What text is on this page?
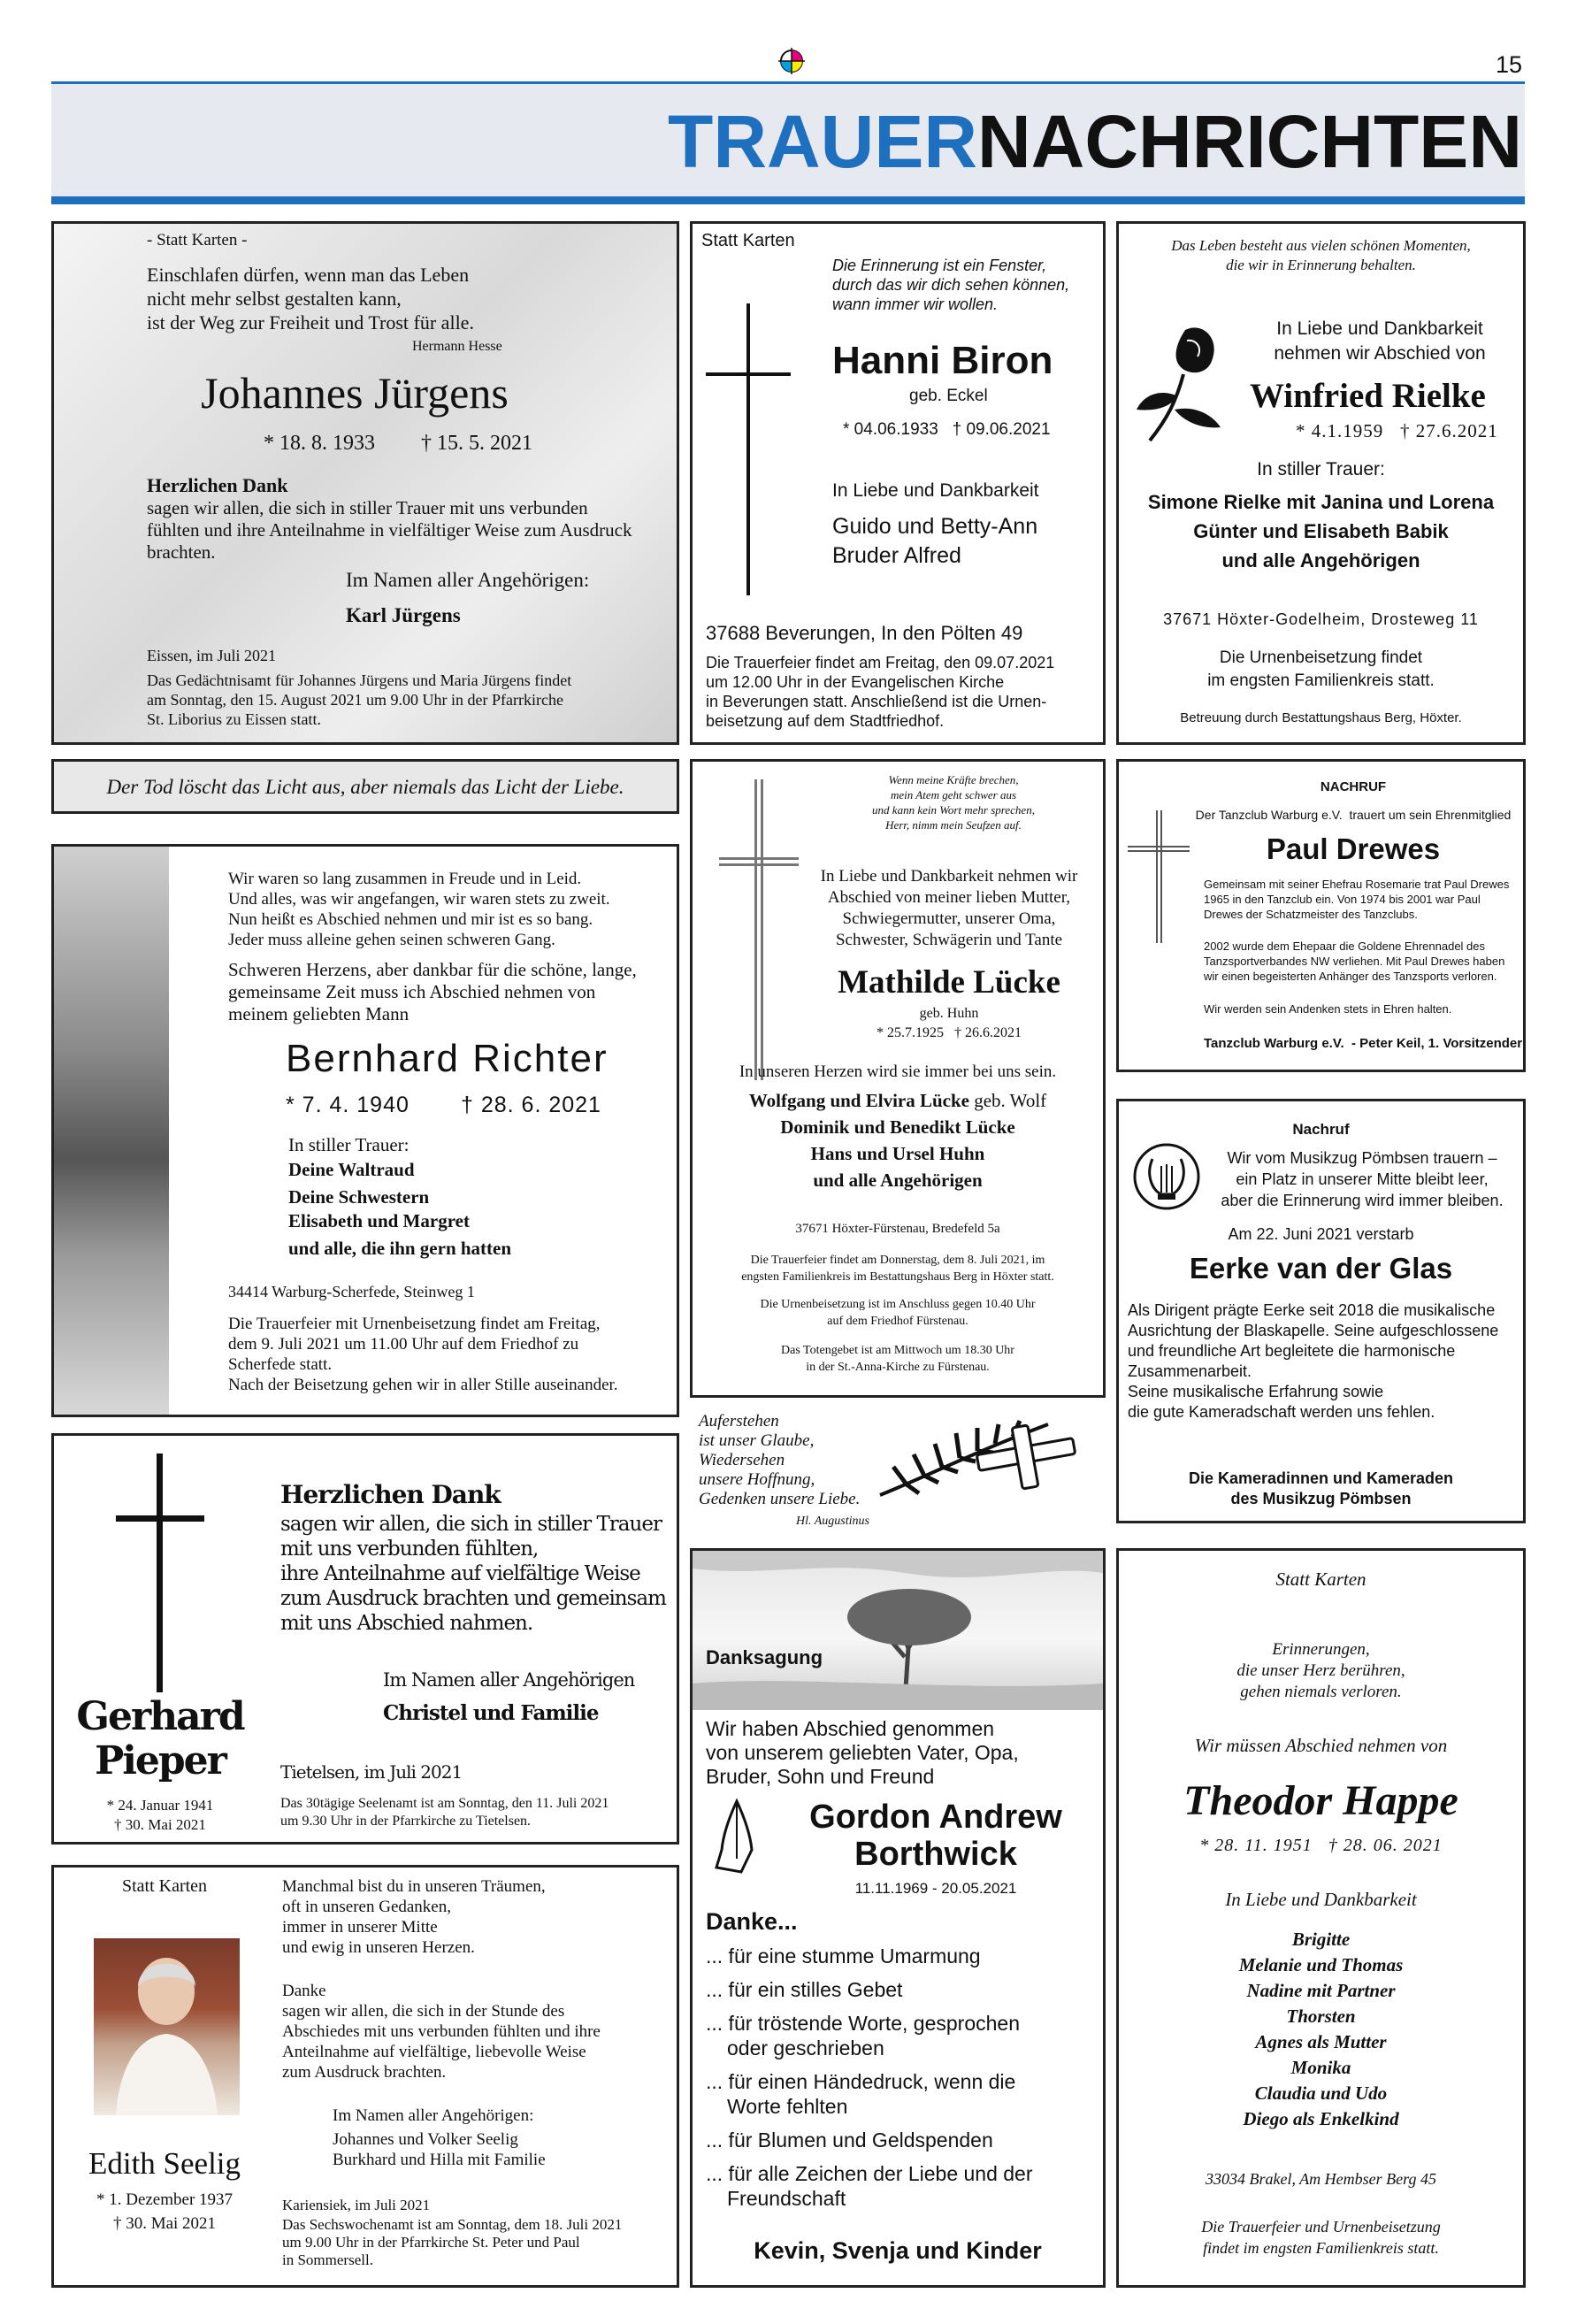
15
TRAUERNACHRICHTEN
- Statt Karten -
Einschlafen dürfen, wenn man das Leben
nicht mehr selbst gestalten kann,
ist der Weg zur Freiheit und Trost für alle.
Hermann Hesse
Johannes Jürgens
* 18. 8. 1933 † 15. 5. 2021
Herzlichen Dank
sagen wir allen, die sich in stiller Trauer mit uns verbunden
fühlten und ihre Anteilnahme in vielfältiger Weise zum Ausdruck
brachten.
Im Namen aller Angehörigen:
Karl Jürgens
Eissen, im Juli 2021
Das Gedächtnisamt für Johannes Jürgens und Maria Jürgens findet
am Sonntag, den 15. August 2021 um 9.00 Uhr in der Pfarrkirche
St. Liborius zu Eissen statt.
Statt Karten
Die Erinnerung ist ein Fenster,
durch das wir dich sehen können,
wann immer wir wollen.
Hanni Biron
geb. Eckel
* 04.06.1933   † 09.06.2021
In Liebe und Dankbarkeit
Guido und Betty-Ann
Bruder Alfred
37688 Beverungen, In den Pölten 49
Die Trauerfeier findet am Freitag, den 09.07.2021
um 12.00 Uhr in der Evangelischen Kirche
in Beverungen statt. Anschließend ist die Urnen-
beisetzung auf dem Stadtfriedhof.
Das Leben besteht aus vielen schönen Momenten,
die wir in Erinnerung behalten.
In Liebe und Dankbarkeit
nehmen wir Abschied von
Winfried Rielke
* 4.1.1959   † 27.6.2021
In stiller Trauer:
Simone Rielke mit Janina und Lorena
Günter und Elisabeth Babik
und alle Angehörigen
37671 Höxter-Godelheim, Drosteweg 11
Die Urnenbeisetzung findet
im engsten Familienkreis statt.
Betreuung durch Bestattungshaus Berg, Höxter.
Der Tod löscht das Licht aus, aber niemals das Licht der Liebe.
Wir waren so lang zusammen in Freude und in Leid.
Und alles, was wir angefangen, wir waren stets zu zweit.
Nun heißt es Abschied nehmen und mir ist es so bang.
Jeder muss alleine gehen seinen schweren Gang.
Schweren Herzens, aber dankbar für die schöne, lange,
gemeinsame Zeit muss ich Abschied nehmen von
meinem geliebten Mann
Bernhard Richter
* 7. 4. 1940 † 28. 6. 2021
In stiller Trauer:
Deine Waltraud
Deine Schwestern
Elisabeth und Margret
und alle, die ihn gern hatten
34414 Warburg-Scherfede, Steinweg 1
Die Trauerfeier mit Urnenbeisetzung findet am Freitag,
dem 9. Juli 2021 um 11.00 Uhr auf dem Friedhof zu
Scherfede statt.
Nach der Beisetzung gehen wir in aller Stille auseinander.
Wenn meine Kräfte brechen,
mein Atem geht schwer aus
und kann kein Wort mehr sprechen,
Herr, nimm mein Seufzen auf.
In Liebe und Dankbarkeit nehmen wir
Abschied von meiner lieben Mutter,
Schwiegermutter, unserer Oma,
Schwester, Schwägerin und Tante
Mathilde Lücke
geb. Huhn
* 25.7.1925   † 26.6.2021
In unseren Herzen wird sie immer bei uns sein.
Wolfgang und Elvira Lücke geb. Wolf
Dominik und Benedikt Lücke
Hans und Ursel Huhn
und alle Angehörigen
37671 Höxter-Fürstenau, Bredefeld 5a
Die Trauerfeier findet am Donnerstag, dem 8. Juli 2021, im
engsten Familienkreis im Bestattungshaus Berg in Höxter statt.
Die Urnenbeisetzung ist im Anschluss gegen 10.40 Uhr
auf dem Friedhof Fürstenau.
Das Totengebet ist am Mittwoch um 18.30 Uhr
in der St.-Anna-Kirche zu Fürstenau.
NACHRUF
Der Tanzclub Warburg e.V.  trauert um sein Ehrenmitglied
Paul Drewes
Gemeinsam mit seiner Ehefrau Rosemarie trat Paul Drewes
1965 in den Tanzclub ein. Von 1974 bis 2001 war Paul
Drewes der Schatzmeister des Tanzclubs.
2002 wurde dem Ehepaar die Goldene Ehrennadel des
Tanzsportverbandes NW verliehen. Mit Paul Drewes haben
wir einen begeisterten Anhänger des Tanzsports verloren.
Wir werden sein Andenken stets in Ehren halten.
Tanzclub Warburg e.V.  - Peter Keil, 1. Vorsitzender
Nachruf
Wir vom Musikzug Pömbsen trauern –
ein Platz in unserer Mitte bleibt leer,
aber die Erinnerung wird immer bleiben.
Am 22. Juni 2021 verstarb
Eerke van der Glas
Als Dirigent prägte Eerke seit 2018 die musikalische
Ausrichtung der Blaskapelle. Seine aufgeschlossene
und freundliche Art begleitete die harmonische
Zusammenarbeit.
Seine musikalische Erfahrung sowie
die gute Kameradschaft werden uns fehlen.
Die Kameradinnen und Kameraden
des Musikzug Pömbsen
Gerhard
Pieper
* 24. Januar 1941
† 30. Mai 2021
Herzlichen Dank
sagen wir allen, die sich in stiller Trauer
mit uns verbunden fühlten,
ihre Anteilnahme auf vielfältige Weise
zum Ausdruck brachten und gemeinsam
mit uns Abschied nahmen.
Im Namen aller Angehörigen
Christel und Familie
Tietelsen, im Juli 2021
Das 30tägige Seelenamt ist am Sonntag, den 11. Juli 2021
um 9.30 Uhr in der Pfarrkirche zu Tietelsen.
Auferstehen
ist unser Glaube,
Wiedersehen
unsere Hoffnung,
Gedenken unsere Liebe.
Hl. Augustinus
Statt Karten
Edith Seelig
* 1. Dezember 1937
† 30. Mai 2021
Manchmal bist du in unseren Träumen,
oft in unseren Gedanken,
immer in unserer Mitte
und ewig in unseren Herzen.
Danke
sagen wir allen, die sich in der Stunde des
Abschiedes mit uns verbunden fühlten und ihre
Anteilnahme auf vielfältige, liebevolle Weise
zum Ausdruck brachten.
Im Namen aller Angehörigen:
Johannes und Volker Seelig
Burkhard und Hilla mit Familie
Kariensiek, im Juli 2021
Das Sechswochenamt ist am Sonntag, dem 18. Juli 2021
um 9.00 Uhr in der Pfarrkirche St. Peter und Paul
in Sommersell.
Danksagung
Wir haben Abschied genommen
von unserem geliebten Vater, Opa,
Bruder, Sohn und Freund
Gordon Andrew
Borthwick
11.11.1969 - 20.05.2021
Danke...
... für eine stumme Umarmung
... für ein stilles Gebet
... für tröstende Worte, gesprochen
oder geschrieben
... für einen Händedruck, wenn die
Worte fehlten
... für Blumen und Geldspenden
... für alle Zeichen der Liebe und der
Freundschaft
Kevin, Svenja und Kinder
Statt Karten
Erinnerungen,
die unser Herz berühren,
gehen niemals verloren.
Wir müssen Abschied nehmen von
Theodor Happe
* 28. 11. 1951   † 28. 06. 2021
In Liebe und Dankbarkeit
Brigitte
Melanie und Thomas
Nadine mit Partner
Thorsten
Agnes als Mutter
Monika
Claudia und Udo
Diego als Enkelkind
33034 Brakel, Am Hembser Berg 45
Die Trauerfeier und Urnenbeisetzung
findet im engsten Familienkreis statt.
